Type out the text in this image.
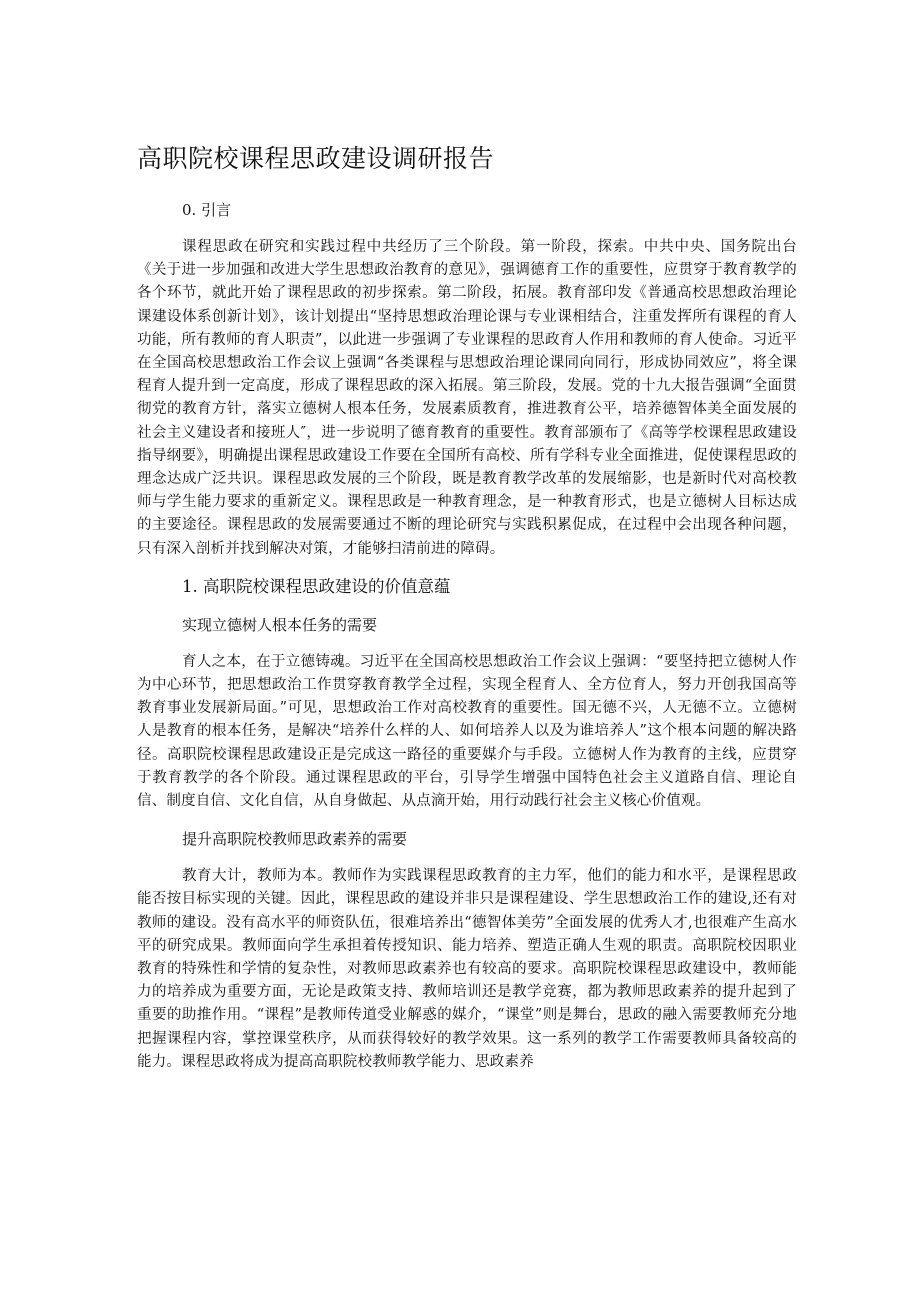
高职院校课程思政建设调研报告
0. 引言

课程思政在研究和实践过程中共经历了三个阶段。第一阶段，探索。中共中央、国务院出台《关于进一步加强和改进大学生思想政治教育的意见》，强调德育工作的重要性，应贯穿于教育教学的各个环节，就此开始了课程思政的初步探索。第二阶段，拓展。教育部印发《普通高校思想政治理论课建设体系创新计划》，该计划提出“坚持思想政治理论课与专业课相结合，注重发挥所有课程的育人功能，所有教师的育人职责”，以此进一步强调了专业课程的思政育人作用和教师的育人使命。习近平在全国高校思想政治工作会议上强调“各类课程与思想政治理论课同向同行，形成协同效应”，将全课程育人提升到一定高度，形成了课程思政的深入拓展。第三阶段，发展。党的十九大报告强调“全面贯彻党的教育方针，落实立德树人根本任务，发展素质教育，推进教育公平，培养德智体美全面发展的社会主义建设者和接班人″，进一步说明了德育教育的重要性。教育部颁布了《高等学校课程思政建设指导纲要》，明确提出课程思政建设工作要在全国所有高校、所有学科专业全面推进，促使课程思政的理念达成广泛共识。课程思政发展的三个阶段，既是教育教学改革的发展缩影，也是新时代对高校教师与学生能力要求的重新定义。课程思政是一种教育理念，是一种教育形式，也是立德树人目标达成的主要途径。课程思政的发展需要通过不断的理论研究与实践积累促成，在过程中会出现各种问题，只有深入剖析并找到解决对策，才能够扫清前进的障碍。

1. 高职院校课程思政建设的价值意蕴
实现立德树人根本任务的需要

育人之本，在于立德铸魂。习近平在全国高校思想政治工作会议上强调：“要坚持把立德树人作为中心环节，把思想政治工作贯穿教育教学全过程，实现全程育人、全方位育人，努力开创我国高等教育事业发展新局面。”可见，思想政治工作对高校教育的重要性。国无德不兴，人无德不立。立德树人是教育的根本任务，是解决“培养什么样的人、如何培养人以及为谁培养人”这个根本问题的解决路径。高职院校课程思政建设正是完成这一路径的重要媒介与手段。立德树人作为教育的主线，应贯穿于教育教学的各个阶段。通过课程思政的平台，引导学生增强中国特色社会主义道路自信、理论自信、制度自信、文化自信，从自身做起、从点滴开始，用行动践行社会主义核心价值观。

提升高职院校教师思政素养的需要

教育大计，教师为本。教师作为实践课程思政教育的主力军，他们的能力和水平，是课程思政能否按目标实现的关键。因此，课程思政的建设并非只是课程建设、学生思想政治工作的建设,还有对教师的建设。没有高水平的师资队伍，很难培养出“德智体美劳”全面发展的优秀人才,也很难产生高水平的研究成果。教师面向学生承担着传授知识、能力培养、塑造正确人生观的职责。高职院校因职业教育的特殊性和学情的复杂性，对教师思政素养也有较高的要求。高职院校课程思政建设中，教师能力的培养成为重要方面，无论是政策支持、教师培训还是教学竞赛，都为教师思政素养的提升起到了重要的助推作用。“课程”是教师传道受业解惑的媒介，“课堂”则是舞台，思政的融入需要教师充分地把握课程内容，掌控课堂秩序，从而获得较好的教学效果。这一系列的教学工作需要教师具备较高的能力。课程思政将成为提高高职院校教师教学能力、思政素养
